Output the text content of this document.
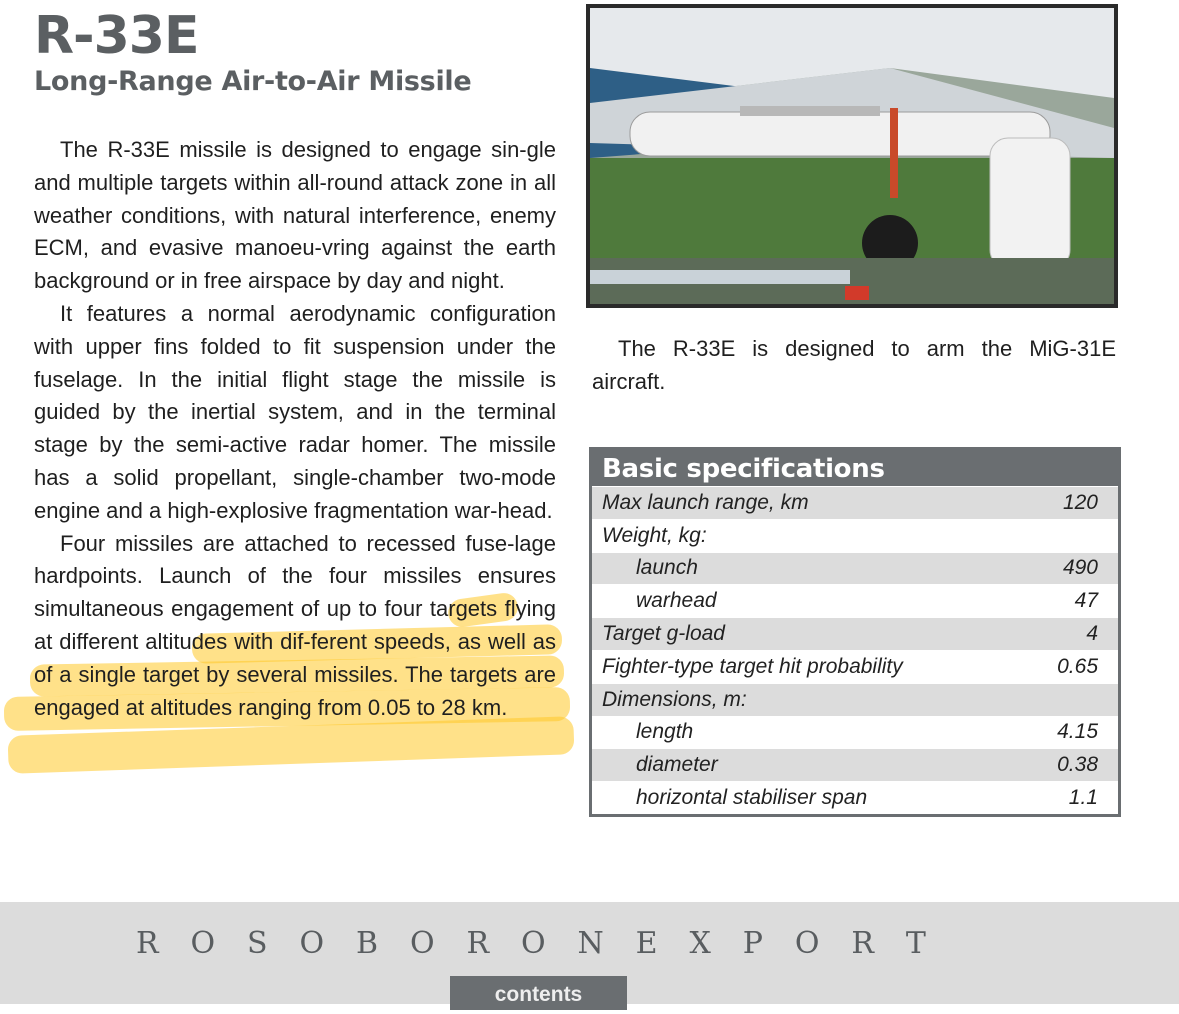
R-33E
Long-Range Air-to-Air Missile

The R-33E missile is designed to engage sin-gle and multiple targets within all-round attack zone in all weather conditions, with natural interference, enemy ECM, and evasive manoeu-vring against the earth background or in free airspace by day and night.

It features a normal aerodynamic configuration with upper fins folded to fit suspension under the fuselage. In the initial flight stage the missile is guided by the inertial system, and in the terminal stage by the semi-active radar homer. The missile has a solid propellant, single-chamber two-mode engine and a high-explosive fragmentation war-head.

Four missiles are attached to recessed fuse-lage hardpoints. Launch of the four missiles ensures simultaneous engagement of up to four targets flying at different altitudes with dif-ferent speeds, as well as of a single target by several missiles. The targets are engaged at altitudes ranging from 0.05 to 28 km.

The R-33E is designed to arm the MiG-31E aircraft.

Basic specifications
Max launch range, km	120
Weight, kg:
launch	490
warhead	47
Target g-load	4
Fighter-type target hit probability	0.65
Dimensions, m:
length	4.15
diameter	0.38
horizontal stabiliser span	1.1
R O S O B O R O N E X P O R T
contents
